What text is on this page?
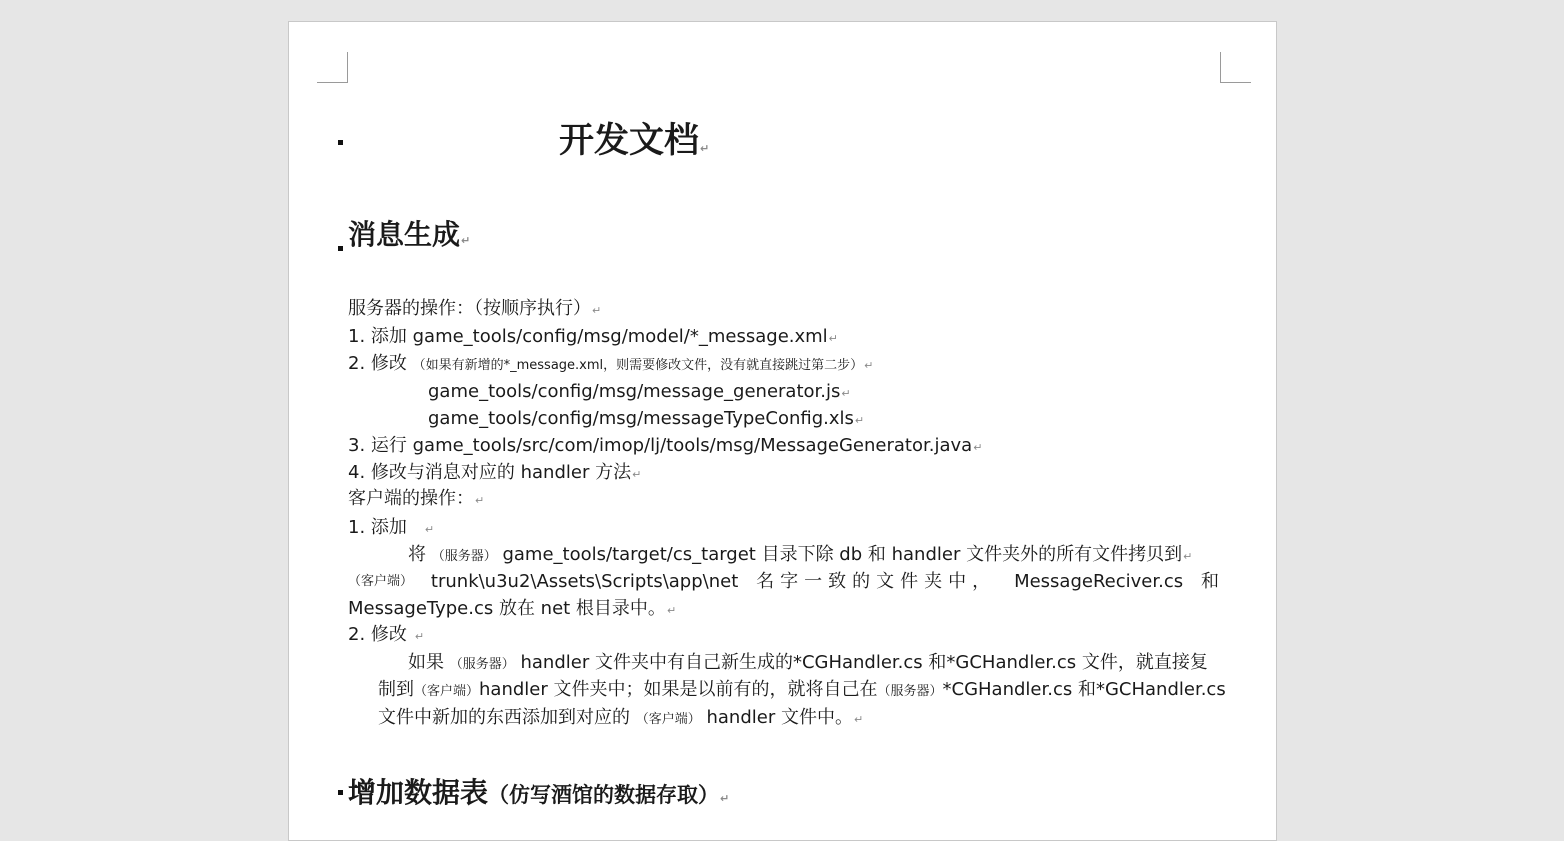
开发文档↵
消息生成↵
服务器的操作：（按顺序执行）↵
1. 添加 game_tools/config/msg/model/*_message.xml↵
2. 修改 （如果有新增的*_message.xml，则需要修改文件，没有就直接跳过第二步）↵
game_tools/config/msg/message_generator.js↵
game_tools/config/msg/messageTypeConfig.xls↵
3. 运行 game_tools/src/com/imop/lj/tools/msg/MessageGenerator.java↵
4. 修改与消息对应的 handler 方法↵
客户端的操作：↵
1. 添加 ↵
将 （服务器） game_tools/target/cs_target 目录下除 db 和 handler 文件夹外的所有文件拷贝到↵
（客户端） trunk\u3u2\Assets\Scripts\app\net 名字一致的文件夹中， MessageReciver.cs 和
MessageType.cs 放在 net 根目录中。↵
2. 修改 ↵
如果 （服务器） handler 文件夹中有自己新生成的*CGHandler.cs 和*GCHandler.cs 文件，就直接复
制到（客户端）handler 文件夹中；如果是以前有的，就将自己在（服务器）*CGHandler.cs 和*GCHandler.cs
文件中新加的东西添加到对应的 （客户端） handler 文件中。↵
增加数据表（仿写酒馆的数据存取）↵
